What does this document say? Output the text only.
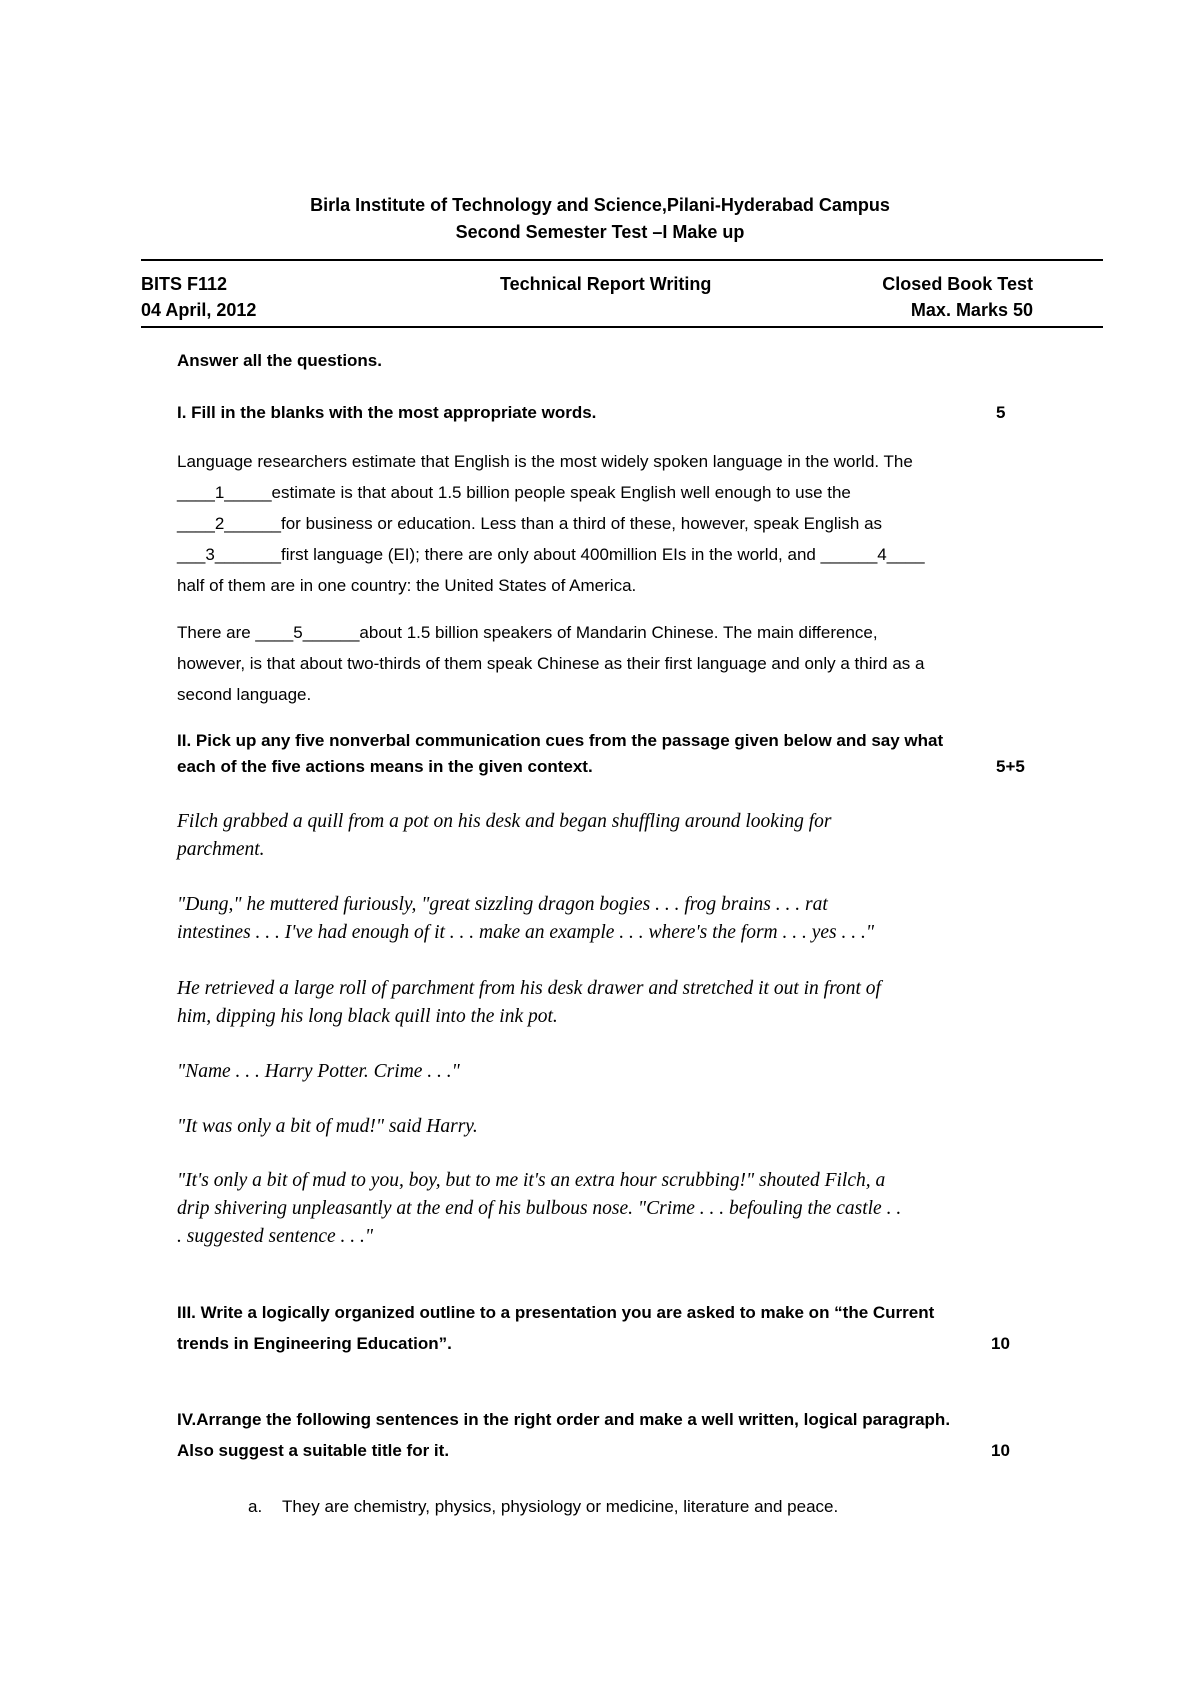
Birla Institute of Technology and Science,Pilani-Hyderabad Campus
Second Semester Test –I Make up
BITS F112	Technical Report Writing	Closed Book Test
04 April, 2012	Max. Marks 50
Answer all the questions.
I. Fill in the blanks with the most appropriate words.	5
Language researchers estimate that English is the most widely spoken language in the world. The
____1_____estimate is that about 1.5 billion people speak English well enough to use the
____2______for business or education. Less than a third of these, however, speak English as
___3_______first language (EI); there are only about 400million EIs in the world, and ______4____
half of them are in one country: the United States of America.
There are ____5______about 1.5 billion speakers of Mandarin Chinese. The main difference,
however, is that about two-thirds of them speak Chinese as their first language and only a third as a
second language.
II. Pick up any five nonverbal communication cues from the passage given below and say what
each of the five actions means in the given context.	5+5
Filch grabbed a quill from a pot on his desk and began shuffling around looking for
parchment.
"Dung," he muttered furiously, "great sizzling dragon bogies . . . frog brains . . . rat
intestines . . . I've had enough of it . . . make an example . . . where's the form . . . yes . . ."
He retrieved a large roll of parchment from his desk drawer and stretched it out in front of
him, dipping his long black quill into the ink pot.
"Name . . . Harry Potter. Crime . . ."
"It was only a bit of mud!" said Harry.
"It's only a bit of mud to you, boy, but to me it's an extra hour scrubbing!" shouted Filch, a
drip shivering unpleasantly at the end of his bulbous nose. "Crime . . . befouling the castle . .
. suggested sentence . . ."
III. Write a logically organized outline to a presentation you are asked to make on “the Current
trends in Engineering Education”.	10
IV.Arrange the following sentences in the right order and make a well written, logical paragraph.
Also suggest a suitable title for it.	10
a. They are chemistry, physics, physiology or medicine, literature and peace.
